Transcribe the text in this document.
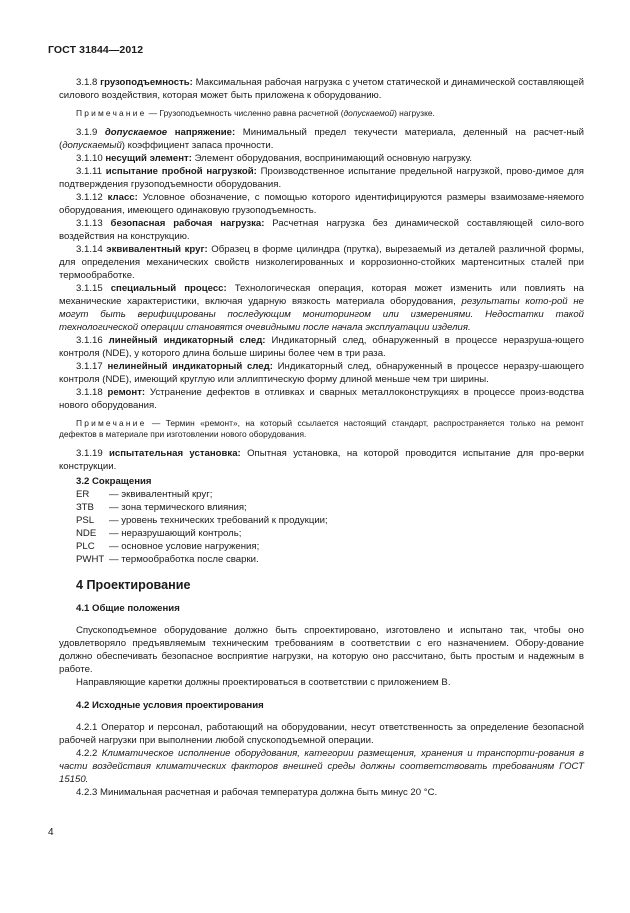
ГОСТ 31844—2012

3.1.8 грузоподъемность: Максимальная рабочая нагрузка с учетом статической и динамической составляющей силового воздействия, которая может быть приложена к оборудованию.

Примечание — Грузоподъемность численно равна расчетной (допускаемой) нагрузке.

3.1.9 допускаемое напряжение: Минимальный предел текучести материала, деленный на расчет-ный (допускаемый) коэффициент запаса прочности.

3.1.10 несущий элемент: Элемент оборудования, воспринимающий основную нагрузку.

3.1.11 испытание пробной нагрузкой: Производственное испытание предельной нагрузкой, прово-димое для подтверждения грузоподъемности оборудования.

3.1.12 класс: Условное обозначение, с помощью которого идентифицируются размеры взаимозаме-няемого оборудования, имеющего одинаковую грузоподъемность.

3.1.13 безопасная рабочая нагрузка: Расчетная нагрузка без динамической составляющей сило-вого воздействия на конструкцию.

3.1.14 эквивалентный круг: Образец в форме цилиндра (прутка), вырезаемый из деталей различной формы, для определения механических свойств низколегированных и коррозионно-стойких мартенситных сталей при термообработке.

3.1.15 специальный процесс: Технологическая операция, которая может изменить или повлиять на механические характеристики, включая ударную вязкость материала оборудования, результаты кото-рой не могут быть верифицированы последующим мониторингом или измерениями. Недостатки такой технологической операции становятся очевидными после начала эксплуатации изделия.

3.1.16 линейный индикаторный след: Индикаторный след, обнаруженный в процессе неразруша-ющего контроля (NDE), у которого длина больше ширины более чем в три раза.

3.1.17 нелинейный индикаторный след: Индикаторный след, обнаруженный в процессе неразру-шающего контроля (NDE), имеющий круглую или эллиптическую форму длиной меньше чем три ширины.

3.1.18 ремонт: Устранение дефектов в отливках и сварных металлоконструкциях в процессе произ-водства нового оборудования.

Примечание — Термин «ремонт», на который ссылается настоящий стандарт, распространяется только на ремонт дефектов в материале при изготовлении нового оборудования.

3.1.19 испытательная установка: Опытная установка, на которой проводится испытание для про-верки конструкции.

3.2 Сокращения

ER	— эквивалентный круг;
ЗТВ	— зона термического влияния;
PSL	— уровень технических требований к продукции;
NDE	— неразрушающий контроль;
PLC	— основное условие нагружения;
PWHT — термообработка после сварки.

4 Проектирование

4.1 Общие положения

Спускоподъемное оборудование должно быть спроектировано, изготовлено и испытано так, чтобы оно удовлетворяло предъявляемым техническим требованиям в соответствии с его назначением. Обору-дование должно обеспечивать безопасное восприятие нагрузки, на которую оно рассчитано, быть простым и надежным в работе.

Направляющие каретки должны проектироваться в соответствии с приложением В.

4.2 Исходные условия проектирования

4.2.1 Оператор и персонал, работающий на оборудовании, несут ответственность за определение безопасной рабочей нагрузки при выполнении любой спускоподъемной операции.

4.2.2 Климатическое исполнение оборудования, категории размещения, хранения и транспорти-рования в части воздействия климатических факторов внешней среды должны соответствовать требованиям ГОСТ 15150.

4.2.3 Минимальная расчетная и рабочая температура должна быть минус 20 °C.

4
